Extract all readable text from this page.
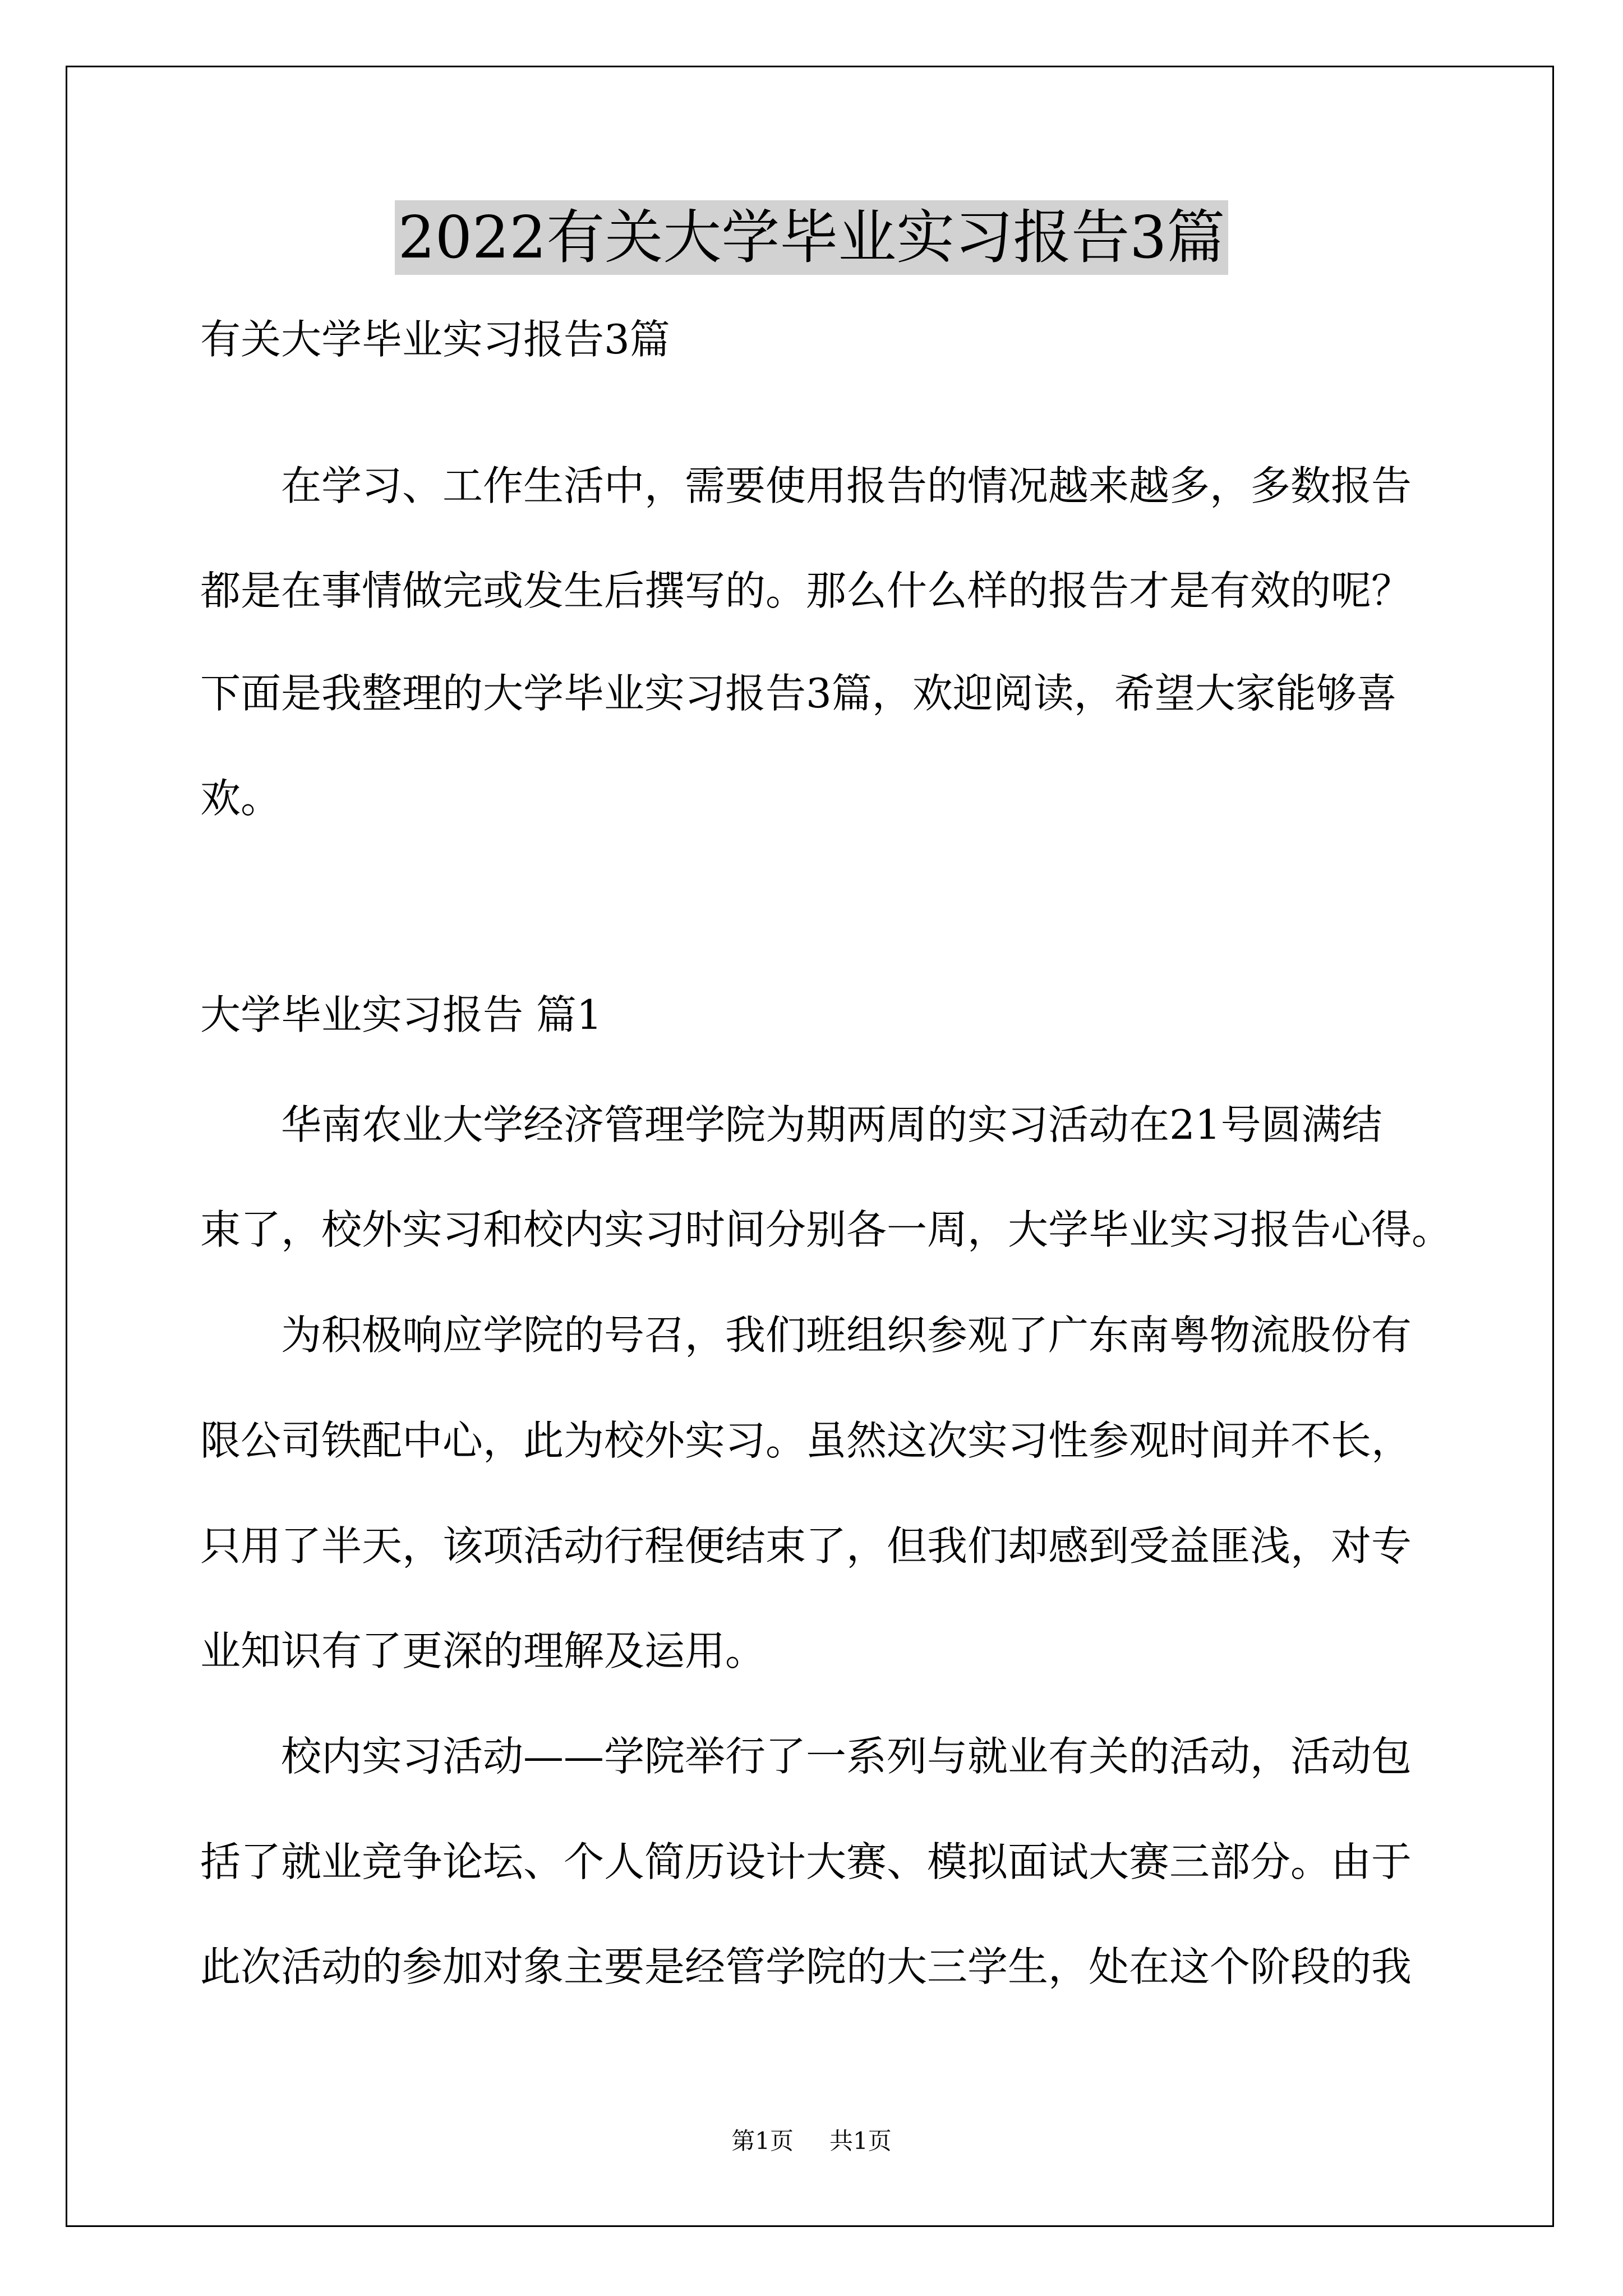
2022有关大学毕业实习报告3篇
有关大学毕业实习报告3篇
在学习、工作生活中，需要使用报告的情况越来越多，多数报告
都是在事情做完或发生后撰写的。那么什么样的报告才是有效的呢？
下面是我整理的大学毕业实习报告3篇，欢迎阅读，希望大家能够喜
欢。
大学毕业实习报告 篇1
华南农业大学经济管理学院为期两周的实习活动在21号圆满结
束了，校外实习和校内实习时间分别各一周，大学毕业实习报告心得。
为积极响应学院的号召，我们班组织参观了广东南粤物流股份有
限公司铁配中心，此为校外实习。虽然这次实习性参观时间并不长，
只用了半天，该项活动行程便结束了，但我们却感到受益匪浅，对专
业知识有了更深的理解及运用。
校内实习活动——学院举行了一系列与就业有关的活动，活动包
括了就业竞争论坛、个人简历设计大赛、模拟面试大赛三部分。由于
此次活动的参加对象主要是经管学院的大三学生，处在这个阶段的我
第1页 共1页
